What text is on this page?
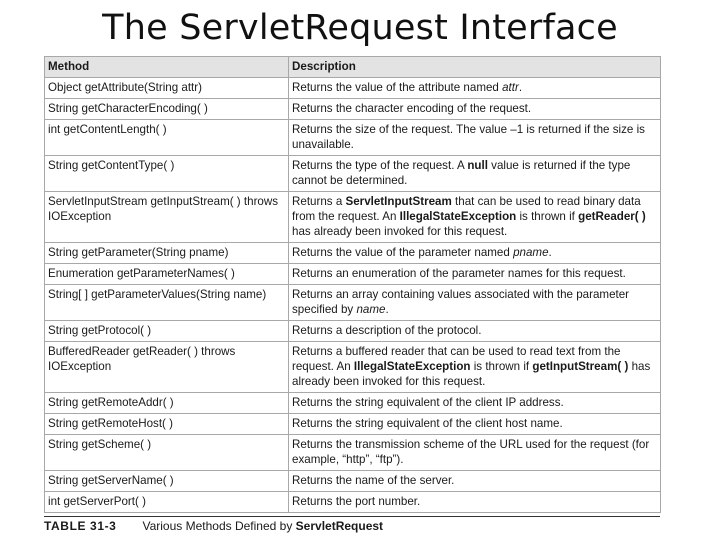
The ServletRequest Interface
Method	Description
Object getAttribute(String attr)	Returns the value of the attribute named attr.
String getCharacterEncoding( )	Returns the character encoding of the request.
int getContentLength( )	Returns the size of the request. The value –1 is returned if the size is unavailable.
String getContentType( )	Returns the type of the request. A null value is returned if the type cannot be determined.
ServletInputStream getInputStream( ) throws IOException	Returns a ServletInputStream that can be used to read binary data from the request. An IllegalStateException is thrown if getReader( ) has already been invoked for this request.
String getParameter(String pname)	Returns the value of the parameter named pname.
Enumeration getParameterNames( )	Returns an enumeration of the parameter names for this request.
String[ ] getParameterValues(String name)	Returns an array containing values associated with the parameter specified by name.
String getProtocol( )	Returns a description of the protocol.
BufferedReader getReader( ) throws IOException	Returns a buffered reader that can be used to read text from the request. An IllegalStateException is thrown if getInputStream( ) has already been invoked for this request.
String getRemoteAddr( )	Returns the string equivalent of the client IP address.
String getRemoteHost( )	Returns the string equivalent of the client host name.
String getScheme( )	Returns the transmission scheme of the URL used for the request (for example, “http”, “ftp”).
String getServerName( )	Returns the name of the server.
int getServerPort( )	Returns the port number.
TABLE 31-3 Various Methods Defined by ServletRequest
